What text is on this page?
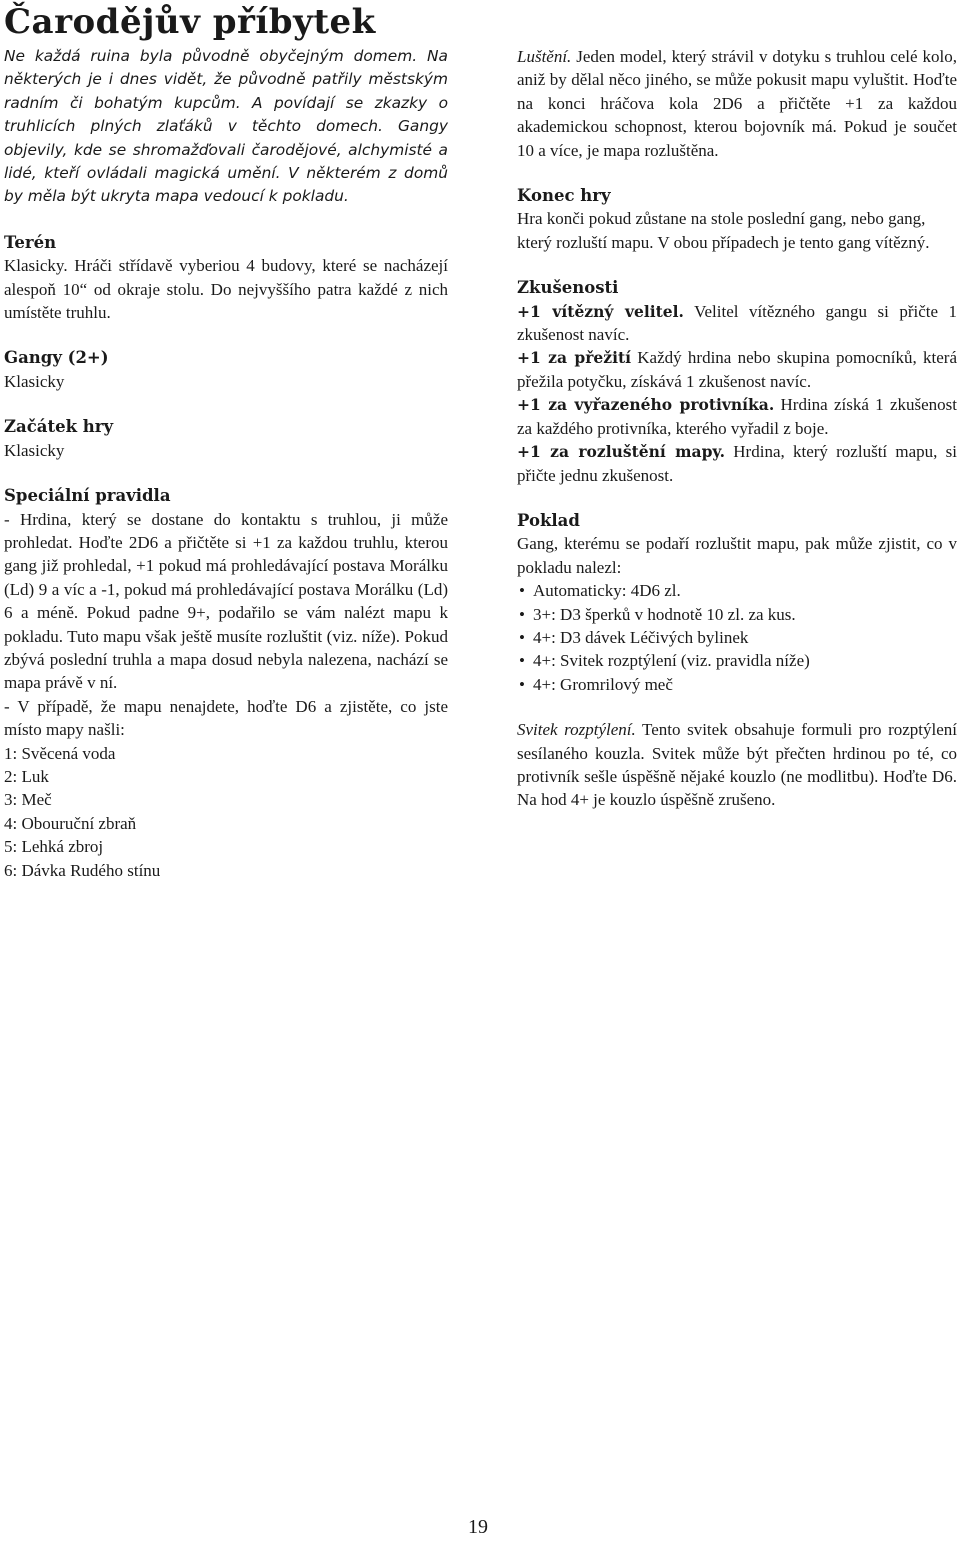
Čarodějův příbytek

Ne každá ruina byla původně obyčejným domem. Na některých je i dnes vidět, že původně patřily městským radním či bohatým kupcům. A povídají se zkazky o truhlicích plných zlaťáků v těchto domech. Gangy objevily, kde se shromažďovali čarodějové, alchymisté a lidé, kteří ovládali magická umění. V některém z domů by měla být ukryta mapa vedoucí k pokladu.

Terén

Klasicky. Hráči střídavě vyberiou 4 budovy, které se nacházejí alespoň 10“ od okraje stolu. Do nejvyššího patra každé z nich umístěte truhlu.

Gangy (2+)

Klasicky

Začátek hry

Klasicky

Speciální pravidla

- Hrdina, který se dostane do kontaktu s truhlou, ji může prohledat. Hoďte 2D6 a přičtěte si +1 za každou truhlu, kterou gang již prohledal, +1 pokud má prohledávající postava Morálku (Ld) 9 a víc a -1, pokud má prohledávající postava Morálku (Ld) 6 a méně. Pokud padne 9+, podařilo se vám nalézt mapu k pokladu. Tuto mapu však ještě musíte rozluštit (viz. níže). Pokud zbývá poslední truhla a mapa dosud nebyla nalezena, nachází se mapa právě v ní.

- V případě, že mapu nenajdete, hoďte D6 a zjistěte, co jste místo mapy našli:

1: Svěcená voda

2: Luk

3: Meč

4: Obouruční zbraň

5: Lehká zbroj

6: Dávka Rudého stínu

Luštění. Jeden model, který strávil v dotyku s truhlou celé kolo, aniž by dělal něco jiného, se může pokusit mapu vyluštit. Hoďte na konci hráčova kola 2D6 a přičtěte +1 za každou akademickou schopnost, kterou bojovník má. Pokud je součet 10 a více, je mapa rozluštěna.

Konec hry

Hra konči pokud zůstane na stole poslední gang, nebo gang, který rozluští mapu. V obou případech je tento gang vítězný.

Zkušenosti

+1 vítězný velitel. Velitel vítězného gangu si přičte 1 zkušenost navíc.

+1 za přežití Každý hrdina nebo skupina pomocníků, která přežila potyčku, získává 1 zkušenost navíc.

+1 za vyřazeného protivníka. Hrdina získá 1 zkušenost za každého protivníka, kterého vyřadil z boje.

+1 za rozluštění mapy. Hrdina, který rozluští mapu, si přičte jednu zkušenost.

Poklad

Gang, kterému se podaří rozluštit mapu, pak může zjistit, co v pokladu nalezl:

• Automaticky: 4D6 zl.
• 3+: D3 šperků v hodnotě 10 zl. za kus.
• 4+: D3 dávek Léčivých bylinek
• 4+: Svitek rozptýlení (viz. pravidla níže)
• 4+: Gromrilový meč

Svitek rozptýlení. Tento svitek obsahuje formuli pro rozptýlení sesílaného kouzla. Svitek může být přečten hrdinou po té, co protivník sešle úspěšně nějaké kouzlo (ne modlitbu). Hoďte D6. Na hod 4+ je kouzlo úspěšně zrušeno.

19
